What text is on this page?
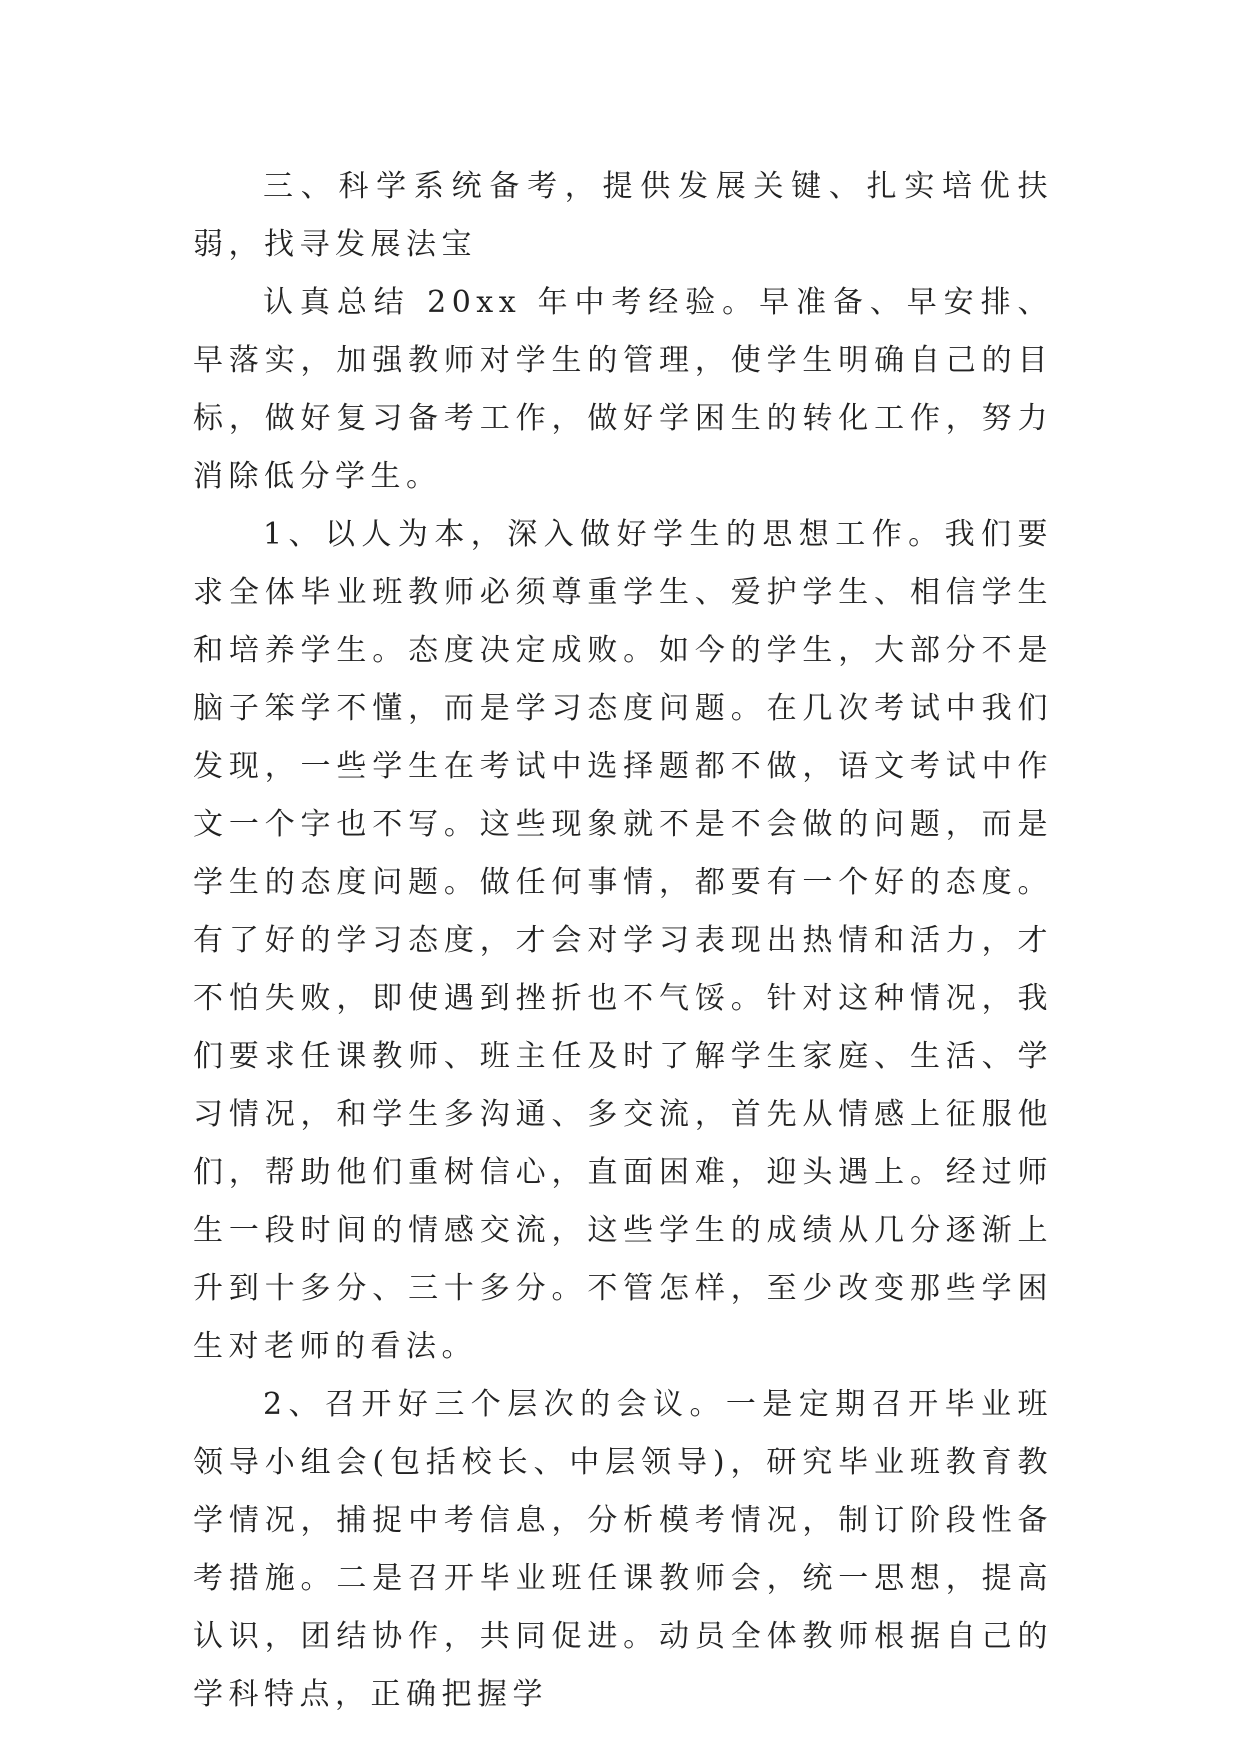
三、科学系统备考，提供发展关键、扎实培优扶弱，找寻发展法宝

认真总结 20xx 年中考经验。早准备、早安排、早落实，加强教师对学生的管理，使学生明确自己的目标，做好复习备考工作，做好学困生的转化工作，努力消除低分学生。

1、以人为本，深入做好学生的思想工作。我们要求全体毕业班教师必须尊重学生、爱护学生、相信学生和培养学生。态度决定成败。如今的学生，大部分不是脑子笨学不懂，而是学习态度问题。在几次考试中我们发现，一些学生在考试中选择题都不做，语文考试中作文一个字也不写。这些现象就不是不会做的问题，而是学生的态度问题。做任何事情，都要有一个好的态度。有了好的学习态度，才会对学习表现出热情和活力，才不怕失败，即使遇到挫折也不气馁。针对这种情况，我们要求任课教师、班主任及时了解学生家庭、生活、学习情况，和学生多沟通、多交流，首先从情感上征服他们，帮助他们重树信心，直面困难，迎头遇上。经过师生一段时间的情感交流，这些学生的成绩从几分逐渐上升到十多分、三十多分。不管怎样，至少改变那些学困生对老师的看法。

2、召开好三个层次的会议。一是定期召开毕业班领导小组会(包括校长、中层领导)，研究毕业班教育教学情况，捕捉中考信息，分析模考情况，制订阶段性备考措施。二是召开毕业班任课教师会，统一思想，提高认识，团结协作，共同促进。动员全体教师根据自己的学科特点，正确把握学
